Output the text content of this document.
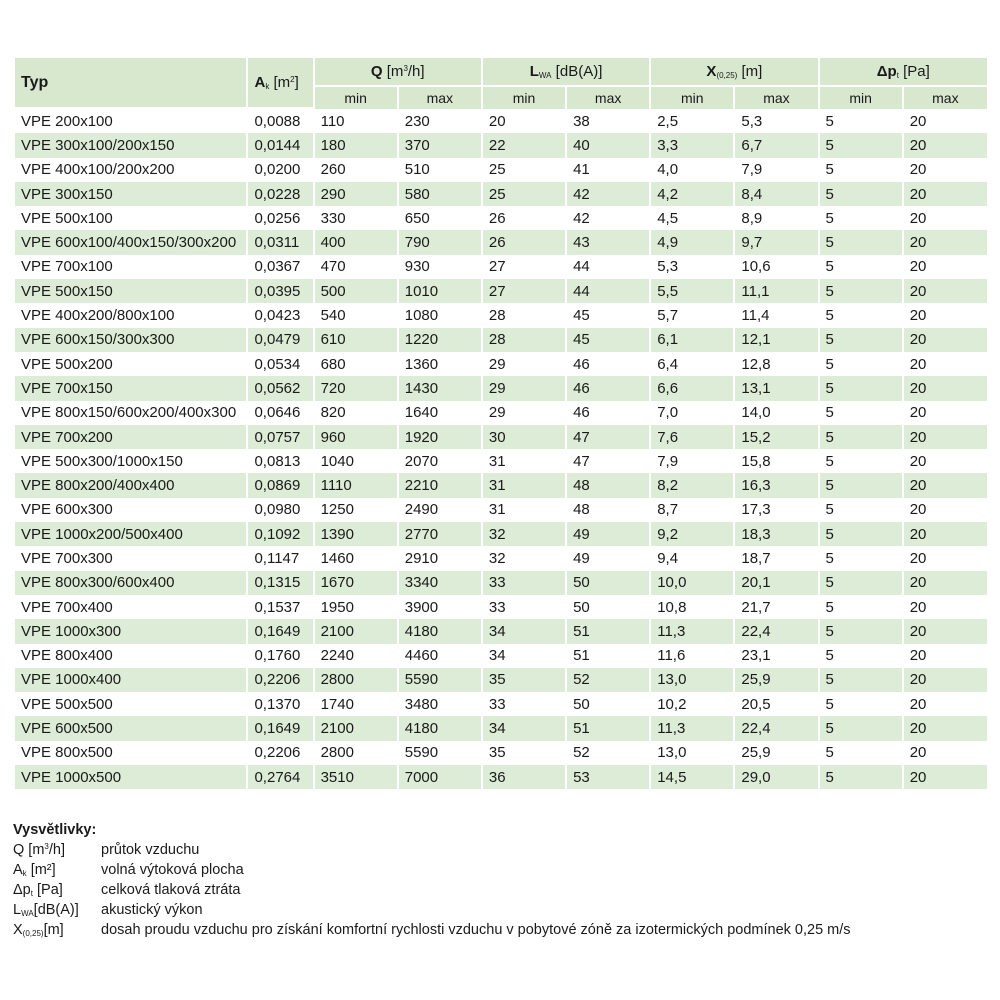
Typ	$A_k$ $[m^2]$	Q $[m^3/h]$		$L_{WA}$ [dB(A)]		$X_{(0,25)}$ [m]		$\Delta p_t$ [Pa]	
		min	max	min	max	min	max	min	max
VPE 200x100	0,0088	110	230	20	38	2,5	5,3	5	20
VPE 300x100/200x150	0,0144	180	370	22	40	3,3	6,7	5	20
VPE 400x100/200x200	0,0200	260	510	25	41	4,0	7,9	5	20
VPE 300x150	0,0228	290	580	25	42	4,2	8,4	5	20
VPE 500x100	0,0256	330	650	26	42	4,5	8,9	5	20
VPE 600x100/400x150/300x200	0,0311	400	790	26	43	4,9	9,7	5	20
VPE 700x100	0,0367	470	930	27	44	5,3	10,6	5	20
VPE 500x150	0,0395	500	1010	27	44	5,5	11,1	5	20
VPE 400x200/800x100	0,0423	540	1080	28	45	5,7	11,4	5	20
VPE 600x150/300x300	0,0479	610	1220	28	45	6,1	12,1	5	20
VPE 500x200	0,0534	680	1360	29	46	6,4	12,8	5	20
VPE 700x150	0,0562	720	1430	29	46	6,6	13,1	5	20
VPE 800x150/600x200/400x300	0,0646	820	1640	29	46	7,0	14,0	5	20
VPE 700x200	0,0757	960	1920	30	47	7,6	15,2	5	20
VPE 500x300/1000x150	0,0813	1040	2070	31	47	7,9	15,8	5	20
VPE 800x200/400x400	0,0869	1110	2210	31	48	8,2	16,3	5	20
VPE 600x300	0,0980	1250	2490	31	48	8,7	17,3	5	20
VPE 1000x200/500x400	0,1092	1390	2770	32	49	9,2	18,3	5	20
VPE 700x300	0,1147	1460	2910	32	49	9,4	18,7	5	20
VPE 800x300/600x400	0,1315	1670	3340	33	50	10,0	20,1	5	20
VPE 700x400	0,1537	1950	3900	33	50	10,8	21,7	5	20
VPE 1000x300	0,1649	2100	4180	34	51	11,3	22,4	5	20
VPE 800x400	0,1760	2240	4460	34	51	11,6	23,1	5	20
VPE 1000x400	0,2206	2800	5590	35	52	13,0	25,9	5	20
VPE 500x500	0,1370	1740	3480	33	50	10,2	20,5	5	20
VPE 600x500	0,1649	2100	4180	34	51	11,3	22,4	5	20
VPE 800x500	0,2206	2800	5590	35	52	13,0	25,9	5	20
VPE 1000x500	0,2764	3510	7000	36	53	14,5	29,0	5	20
Vysvětlivky:
Q $[m^3/h]$	průtok vzduchu
$A_k$ [m²]	volná výtoková plocha
$\Delta p_t$ [Pa]	celková tlaková ztráta
$L_{WA}[dB(A)]$	akustický výkon
$X_{(0,25)}[m]$	dosah proudu vzduchu pro získání komfortní rychlosti vzduchu v pobytové zóně za izotermických podmínek 0,25 m/s
